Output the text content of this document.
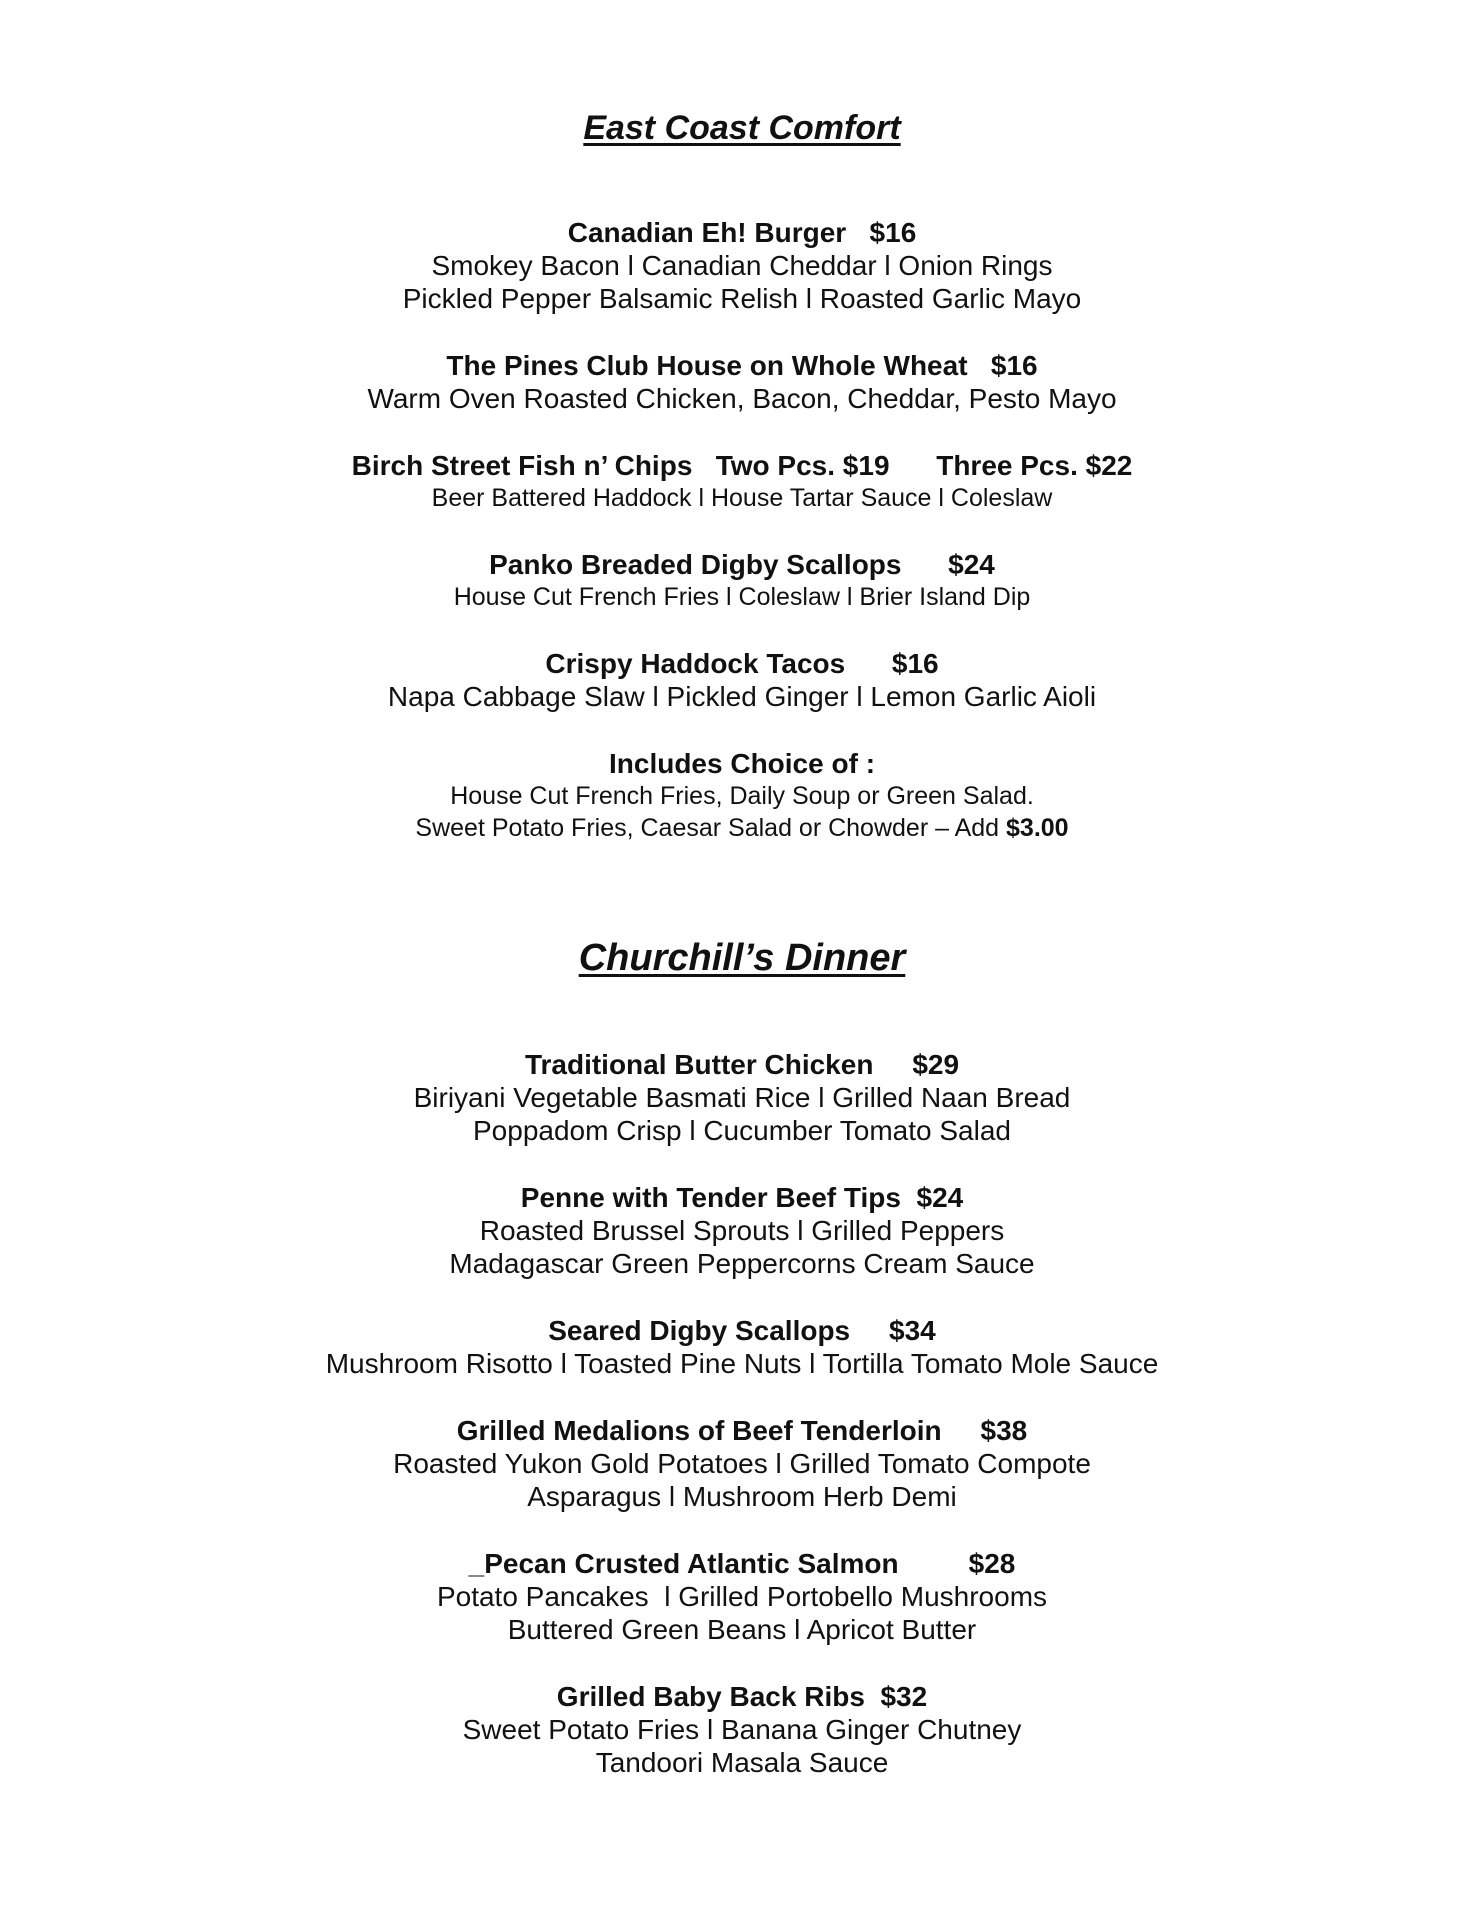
East Coast Comfort
Canadian Eh! Burger $16
Smokey Bacon l Canadian Cheddar l Onion Rings
Pickled Pepper Balsamic Relish l Roasted Garlic Mayo
The Pines Club House on Whole Wheat $16
Warm Oven Roasted Chicken, Bacon, Cheddar, Pesto Mayo
Birch Street Fish n’ Chips Two Pcs. $19 Three Pcs. $22
Beer Battered Haddock l House Tartar Sauce l Coleslaw
Panko Breaded Digby Scallops $24
House Cut French Fries l Coleslaw l Brier Island Dip
Crispy Haddock Tacos $16
Napa Cabbage Slaw l Pickled Ginger l Lemon Garlic Aioli
Includes Choice of :
House Cut French Fries, Daily Soup or Green Salad.
Sweet Potato Fries, Caesar Salad or Chowder – Add $3.00
Churchill’s Dinner
Traditional Butter Chicken $29
Biriyani Vegetable Basmati Rice l Grilled Naan Bread
Poppadom Crisp l Cucumber Tomato Salad
Penne with Tender Beef Tips $24
Roasted Brussel Sprouts l Grilled Peppers
Madagascar Green Peppercorns Cream Sauce
Seared Digby Scallops $34
Mushroom Risotto l Toasted Pine Nuts l Tortilla Tomato Mole Sauce
Grilled Medalions of Beef Tenderloin $38
Roasted Yukon Gold Potatoes l Grilled Tomato Compote
Asparagus l Mushroom Herb Demi
_Pecan Crusted Atlantic Salmon	$28
Potato Pancakes  l Grilled Portobello Mushrooms
Buttered Green Beans l Apricot Butter
Grilled Baby Back Ribs $32
Sweet Potato Fries l Banana Ginger Chutney
Tandoori Masala Sauce
